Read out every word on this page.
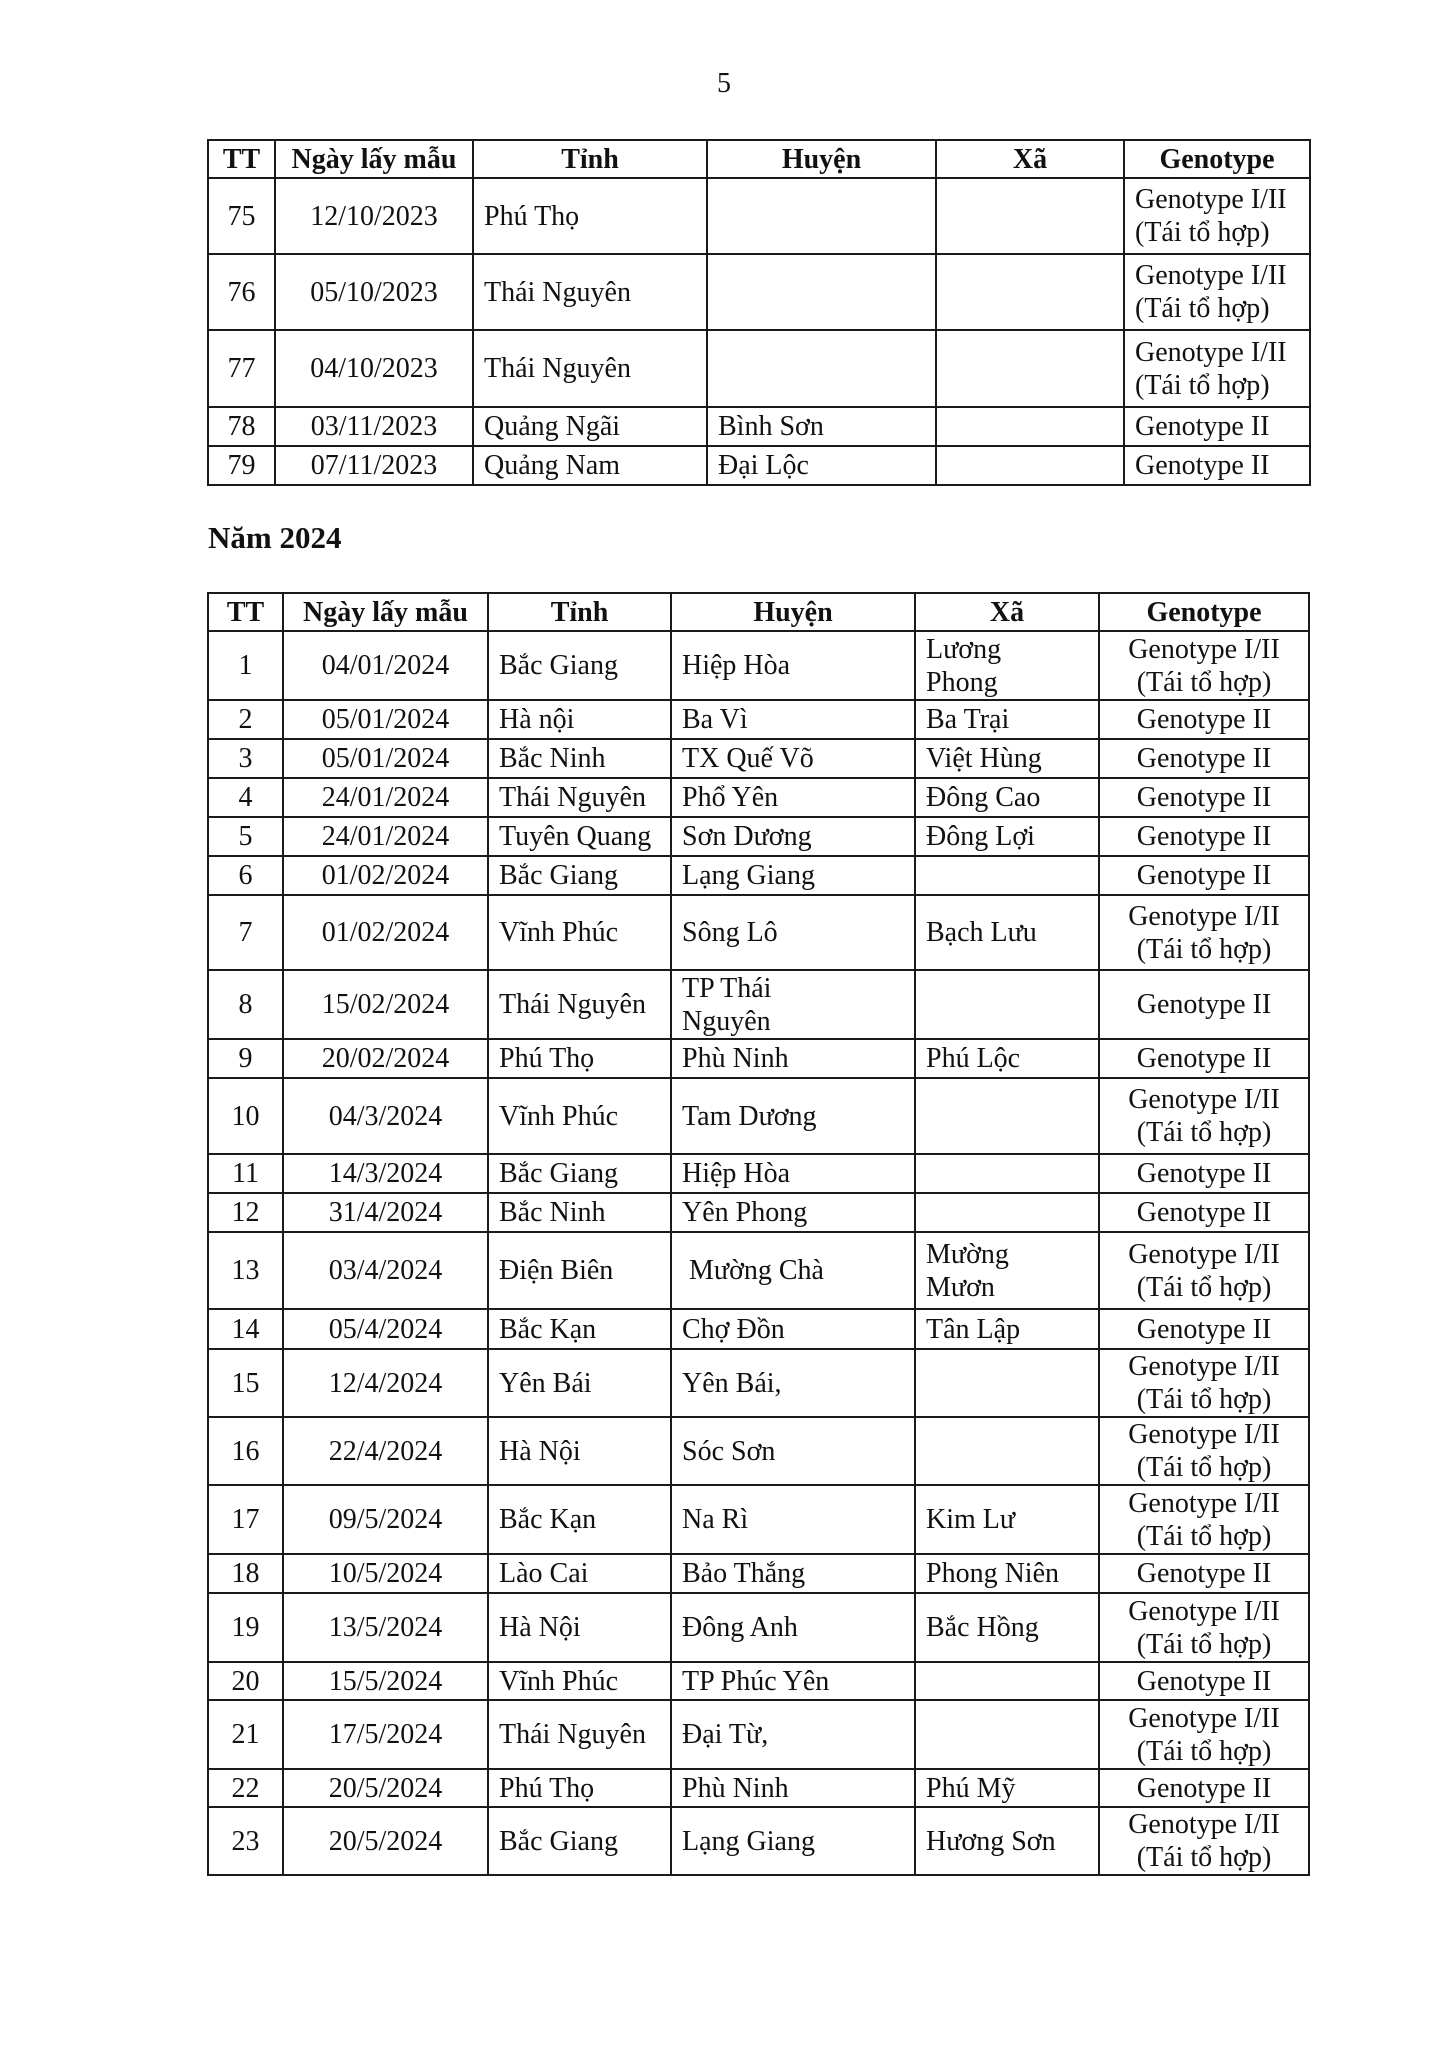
5
TT	Ngày lấy mẫu	Tỉnh	Huyện	Xã	Genotype
75	12/10/2023	Phú Thọ			Genotype I/II
(Tái tổ hợp)

76	05/10/2023	Thái Nguyên			Genotype I/II
(Tái tổ hợp)

77	04/10/2023	Thái Nguyên			Genotype I/II
(Tái tổ hợp)

78	03/11/2023	Quảng Ngãi	Bình Sơn		Genotype II

79	07/11/2023	Quảng Nam	Đại Lộc		Genotype II
Năm 2024
TT	Ngày lấy mẫu	Tỉnh	Huyện	Xã	Genotype
1	04/01/2024	Bắc Giang	Hiệp Hòa	Lương
Phong	Genotype I/II
(Tái tổ hợp)

2	05/01/2024	Hà nội	Ba Vì	Ba Trại	Genotype II

3	05/01/2024	Bắc Ninh	TX Quế Võ	Việt Hùng	Genotype II

4	24/01/2024	Thái Nguyên	Phổ Yên	Đông Cao	Genotype II

5	24/01/2024	Tuyên Quang	Sơn Dương	Đông Lợi	Genotype II

6	01/02/2024	Bắc Giang	Lạng Giang		Genotype II

7	01/02/2024	Vĩnh Phúc	Sông Lô	Bạch Lưu	Genotype I/II
(Tái tổ hợp)

8	15/02/2024	Thái Nguyên	TP Thái
Nguyên		Genotype II

9	20/02/2024	Phú Thọ	Phù Ninh	Phú Lộc	Genotype II

10	04/3/2024	Vĩnh Phúc	Tam Dương		Genotype I/II
(Tái tổ hợp)

11	14/3/2024	Bắc Giang	Hiệp Hòa		Genotype II

12	31/4/2024	Bắc Ninh	Yên Phong		Genotype II

13	03/4/2024	Điện Biên	Mường Chà	Mường
Mươn	Genotype I/II
(Tái tổ hợp)

14	05/4/2024	Bắc Kạn	Chợ Đồn	Tân Lập	Genotype II

15	12/4/2024	Yên Bái	Yên Bái,		Genotype I/II
(Tái tổ hợp)

16	22/4/2024	Hà Nội	Sóc Sơn		Genotype I/II
(Tái tổ hợp)

17	09/5/2024	Bắc Kạn	Na Rì	Kim Lư	Genotype I/II
(Tái tổ hợp)

18	10/5/2024	Lào Cai	Bảo Thắng	Phong Niên	Genotype II

19	13/5/2024	Hà Nội	Đông Anh	Bắc Hồng	Genotype I/II
(Tái tổ hợp)

20	15/5/2024	Vĩnh Phúc	TP Phúc Yên		Genotype II

21	17/5/2024	Thái Nguyên	Đại Từ,		Genotype I/II
(Tái tổ hợp)

22	20/5/2024	Phú Thọ	Phù Ninh	Phú Mỹ	Genotype II

23	20/5/2024	Bắc Giang	Lạng Giang	Hương Sơn	Genotype I/II
(Tái tổ hợp)
